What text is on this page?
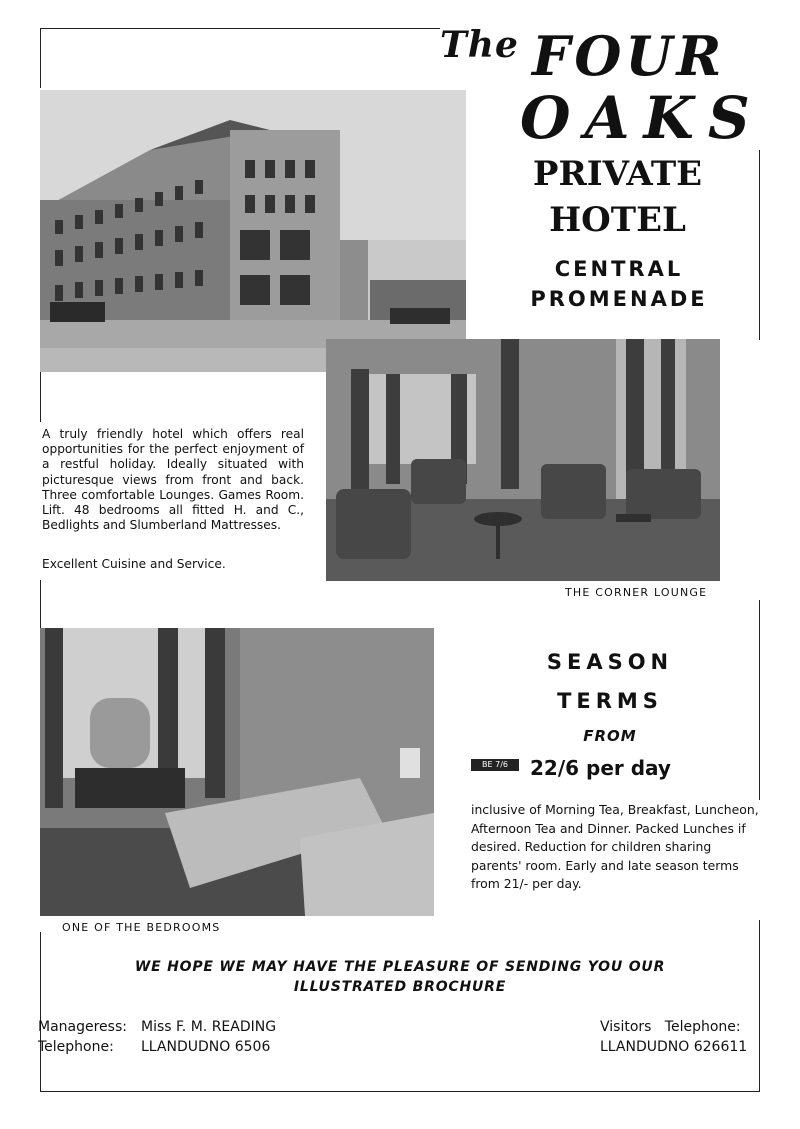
The FOUR
OAKS
PRIVATE
HOTEL
CENTRAL
PROMENADE
THE CORNER LOUNGE
A truly friendly hotel which offers real opportunities for the perfect enjoyment of a restful holiday. Ideally situated with picturesque views from front and back. Three comfortable Lounges. Games Room. Lift. 48 bedrooms all fitted H. and C., Bedlights and Slumberland Mattresses.
Excellent Cuisine and Service.
ONE OF THE BEDROOMS
SEASON
TERMS
FROM
BE 7/6	22/6 per day
inclusive of Morning Tea, Breakfast, Luncheon, Afternoon Tea and Dinner. Packed Lunches if desired. Reduction for children sharing parents' room. Early and late season terms from 21/- per day.
WE HOPE WE MAY HAVE THE PLEASURE OF SENDING YOU OUR
ILLUSTRATED BROCHURE
Manageress: Miss F. M. READING
Telephone: LLANDUDNO 6506
Visitors   Telephone:
LLANDUDNO 626611
